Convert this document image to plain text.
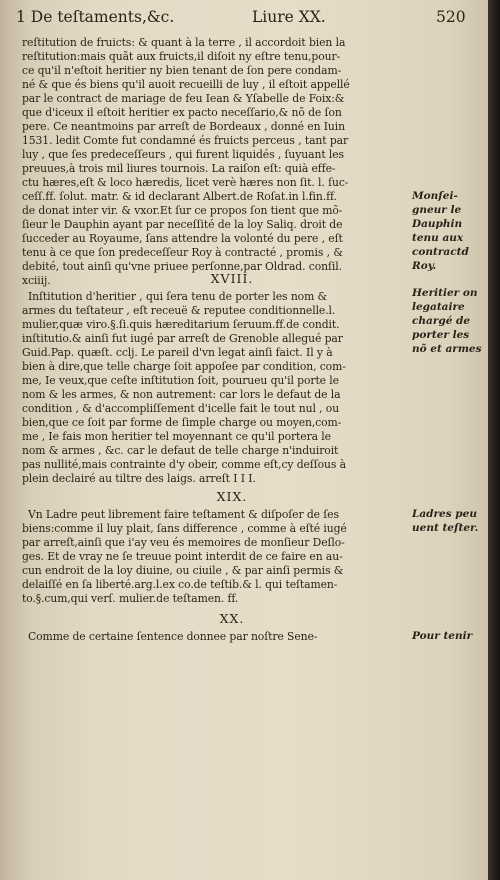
1 De teſtaments,&c.	Liure XX.	520
reſtitution de fruicts: & quant à la terre , il accordoit bien la
reſtitution:mais quãt aux fruicts,il diſoit ny eſtre tenu,pour-
ce qu'il n'eſtoit heritier ny bien tenant de ſon pere condam-
né & que és biens qu'il auoit recueilli de luy , il eſtoit appellé
par le contract de mariage de feu Iean & Yſabelle de Foix:&
que d'iceux il eſtoit heritier ex pacto neceſſario,& nõ de ſon
pere. Ce neantmoins par arreſt de Bordeaux , donné en Iuin
1531. ledit Comte fut condamné és fruicts perceus , tant par
luy , que ſes predeceſſeurs , qui furent liquidés , ſuyuant les
preuues,à trois mil liures tournois. La raiſon eſt: quià effe-
ctu hæres,eſt & loco hæredis, licet verè hæres non ſit. l. ſuc-
ceſſ.ff. ſolut. matr. & id declarant Albert.de Roſat.in l.fin.ff.
de donat inter vir. & vxor.Et ſur ce propos ſon tient que mõ-
ſieur le Dauphin ayant par neceſſité de la loy Saliq. droit de
ſucceder au Royaume, ſans attendre la volonté du pere , eſt
tenu à ce que ſon predeceſſeur Roy à contracté , promis , &
debité, tout ainſi qu'vne priuee perſonne,par Oldrad. conſil.
xciiij.	XVIII.
Inſtitution d'heritier , qui ſera tenu de porter les nom &
armes du teſtateur , eſt receuë & reputee conditionnelle.l.
mulier,quæ viro.§.ſi.quis hæreditarium ſeruum.ff.de condit.
inſtitutio.& ainſi fut iugé par arreſt de Grenoble allegué par
Guid.Pap. quæſt. cclj. Le pareil d'vn legat ainſi faict. Il y à
bien à dire,que telle charge ſoit appoſee par condition, com-
me, Ie veux,que ceſte inſtitution ſoit, pourueu qu'il porte le
nom & les armes, & non autrement: car lors le defaut de la
condition , & d'accompliſſement d'icelle fait le tout nul , ou
bien,que ce ſoit par forme de ſimple charge ou moyen,com-
me , Ie fais mon heritier tel moyennant ce qu'il portera le
nom & armes , &c. car le defaut de telle charge n'induiroit
pas nullité,mais contrainte d'y obeir, comme eſt,cy deſſous à
plein declairé au tiltre des laigs. arreſt I I I.
XIX.
Vn Ladre peut librement faire teſtament & diſpoſer de ſes
biens:comme il luy plait, ſans difference , comme à eſté iugé
par arreſt,ainſi que i'ay veu és memoires de monſieur Deſlo-
ges. Et de vray ne ſe treuue point interdit de ce faire en au-
cun endroit de la loy diuine, ou ciuile , & par ainſi permis &
delaiſſé en ſa liberté.arg.l.ex co.de teſtib.& l. qui teſtamen-
to.§.cum,qui verſ. mulier.de teſtamen. ff.
XX.
Comme de certaine ſentence donnee par noſtre Sene-
Monſei-
gneur le
Dauphin
tenu aux
contractd
Roy.
Heritier on
legataire
chargé de
porter les
nõ et armes
Ladres peu
uent teſter.
Pour tenir
